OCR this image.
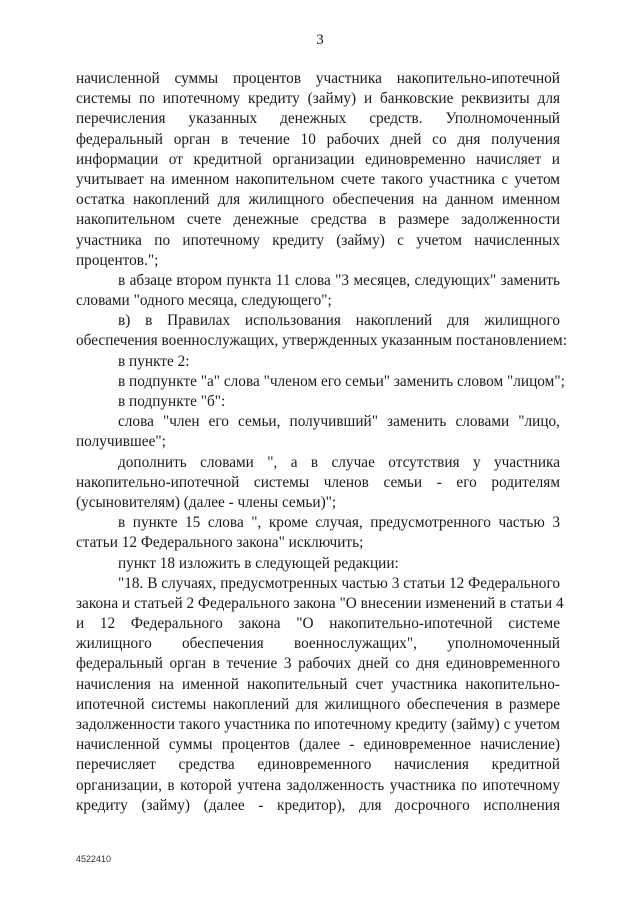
3
начисленной суммы процентов участника накопительно-ипотечной
системы по ипотечному кредиту (займу) и банковские реквизиты для
перечисления указанных денежных средств. Уполномоченный
федеральный орган в течение 10 рабочих дней со дня получения
информации от кредитной организации единовременно начисляет и
учитывает на именном накопительном счете такого участника с учетом
остатка накоплений для жилищного обеспечения на данном именном
накопительном счете денежные средства в размере задолженности
участника по ипотечному кредиту (займу) с учетом начисленных
процентов.";
в абзаце втором пункта 11 слова "3 месяцев, следующих" заменить
словами "одного месяца, следующего";
в) в Правилах использования накоплений для жилищного
обеспечения военнослужащих, утвержденных указанным постановлением:
в пункте 2:
в подпункте "а" слова "членом его семьи" заменить словом "лицом";
в подпункте "б":
слова "член его семьи, получивший" заменить словами "лицо,
получившее";
дополнить словами ", а в случае отсутствия у участника
накопительно-ипотечной системы членов семьи - его родителям
(усыновителям) (далее - члены семьи)";
в пункте 15 слова ", кроме случая, предусмотренного частью 3
статьи 12 Федерального закона" исключить;
пункт 18 изложить в следующей редакции:
"18. В случаях, предусмотренных частью 3 статьи 12 Федерального
закона и статьей 2 Федерального закона "О внесении изменений в статьи 4
и 12 Федерального закона "О накопительно-ипотечной системе
жилищного обеспечения военнослужащих", уполномоченный
федеральный орган в течение 3 рабочих дней со дня единовременного
начисления на именной накопительный счет участника накопительно-
ипотечной системы накоплений для жилищного обеспечения в размере
задолженности такого участника по ипотечному кредиту (займу) с учетом
начисленной суммы процентов (далее - единовременное начисление)
перечисляет средства единовременного начисления кредитной
организации, в которой учтена задолженность участника по ипотечному
кредиту (займу) (далее - кредитор), для досрочного исполнения
4522410
